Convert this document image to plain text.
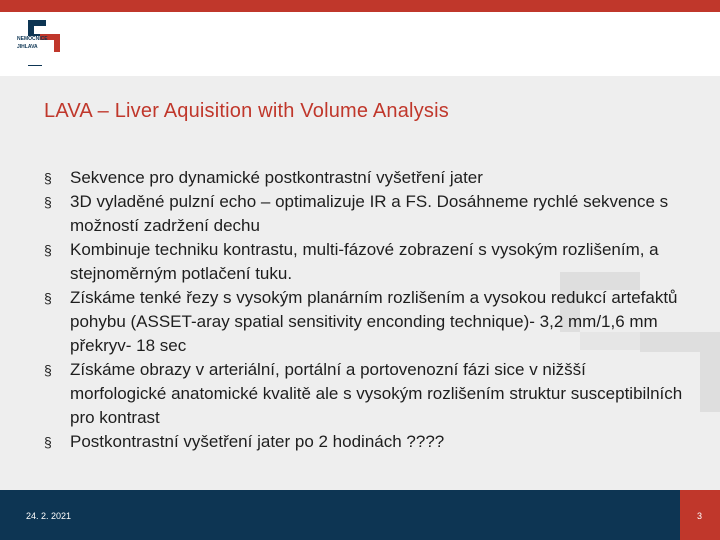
NEMOCNICE
JIHLAVA
LAVA – Liver Aquisition with Volume Analysis
§ Sekvence pro dynamické postkontrastní vyšetření jater
§ 3D vyladěné pulzní echo – optimalizuje IR a FS. Dosáhneme rychlé sekvence s možností zadržení dechu
§ Kombinuje techniku kontrastu, multi-fázové zobrazení s vysokým rozlišením, a stejnoměrným potlačení tuku.
§ Získáme tenké řezy s vysokým planárním rozlišením a vysokou redukcí artefaktů pohybu (ASSET-aray spatial sensitivity enconding technique)- 3,2 mm/1,6 mm překryv- 18 sec
§ Získáme obrazy v arteriální, portální a portovenozní fázi sice v nižšší morfologické anatomické kvalitě ale s vysokým rozlišením struktur susceptibilních pro kontrast
§ Postkontrastní vyšetření jater po 2 hodinách ????
24. 2. 2021	3
